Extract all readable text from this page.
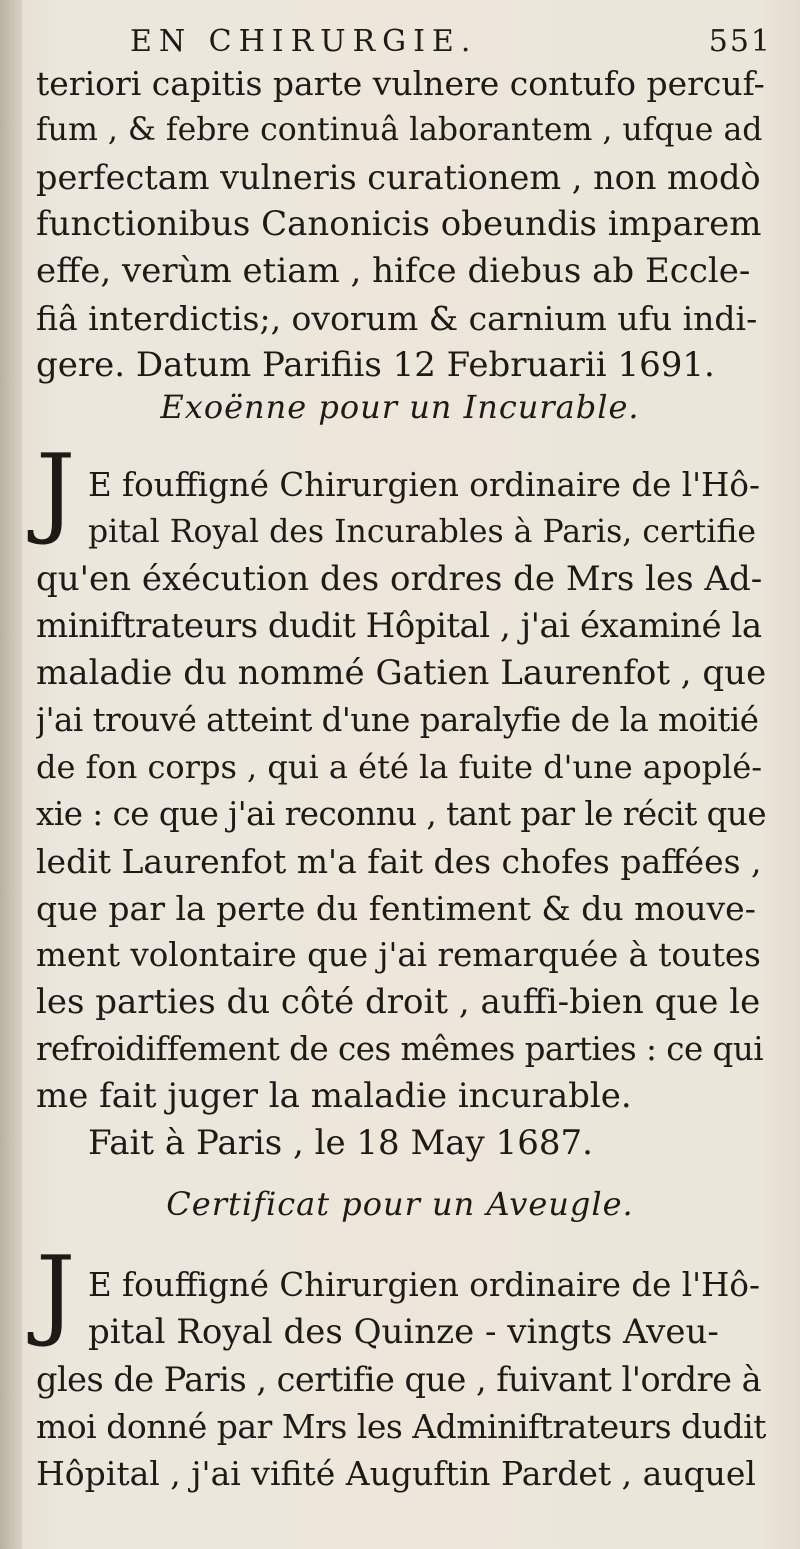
EN CHIRURGIE.	551
teriori capitis parte vulnere contufo percuf-
fum , & febre continuâ laborantem , ufque ad
perfectam vulneris curationem , non modò
functionibus Canonicis obeundis imparem
effe, verùm etiam , hifce diebus ab Eccle-
fiâ interdictis;, ovorum & carnium ufu indi-
gere. Datum Parifiis 12 Februarii 1691.
Exoënne pour un Incurable.
J E fouffigné Chirurgien ordinaire de l'Hô-
pital Royal des Incurables à Paris, certifie
qu'en éxécution des ordres de Mrs les Ad-
miniftrateurs dudit Hôpital , j'ai éxaminé la
maladie du nommé Gatien Laurenfot , que
j'ai trouvé atteint d'une paralyfie de la moitié
de fon corps , qui a été la fuite d'une apoplé-
xie : ce que j'ai reconnu , tant par le récit que
ledit Laurenfot m'a fait des chofes paffées ,
que par la perte du fentiment & du mouve-
ment volontaire que j'ai remarquée à toutes
les parties du côté droit , auffi-bien que le
refroidiffement de ces mêmes parties : ce qui
me fait juger la maladie incurable.
Fait à Paris , le 18 May 1687.
Certificat pour un Aveugle.
J E fouffigné Chirurgien ordinaire de l'Hô-
pital Royal des Quinze - vingts Aveu-
gles de Paris , certifie que , fuivant l'ordre à
moi donné par Mrs les Adminiftrateurs dudit
Hôpital , j'ai vifité Auguftin Pardet , auquel
